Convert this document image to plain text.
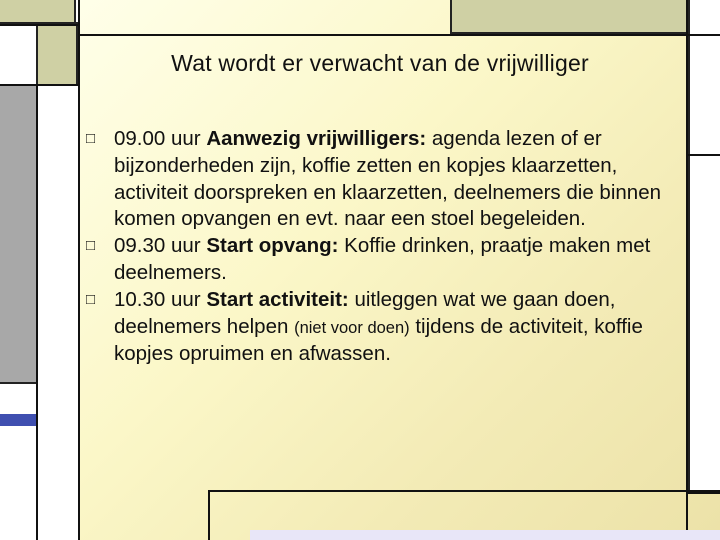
Wat wordt er verwacht van de vrijwilliger
□ 09.00 uur Aanwezig vrijwilligers: agenda lezen of er bijzonderheden zijn, koffie zetten en kopjes klaarzetten, activiteit doorspreken en klaarzetten, deelnemers die binnen komen opvangen en evt. naar een stoel begeleiden.
□ 09.30 uur Start opvang: Koffie drinken, praatje maken met deelnemers.
□ 10.30 uur Start activiteit: uitleggen wat we gaan doen, deelnemers helpen (niet voor doen) tijdens de activiteit, koffie kopjes opruimen en afwassen.
